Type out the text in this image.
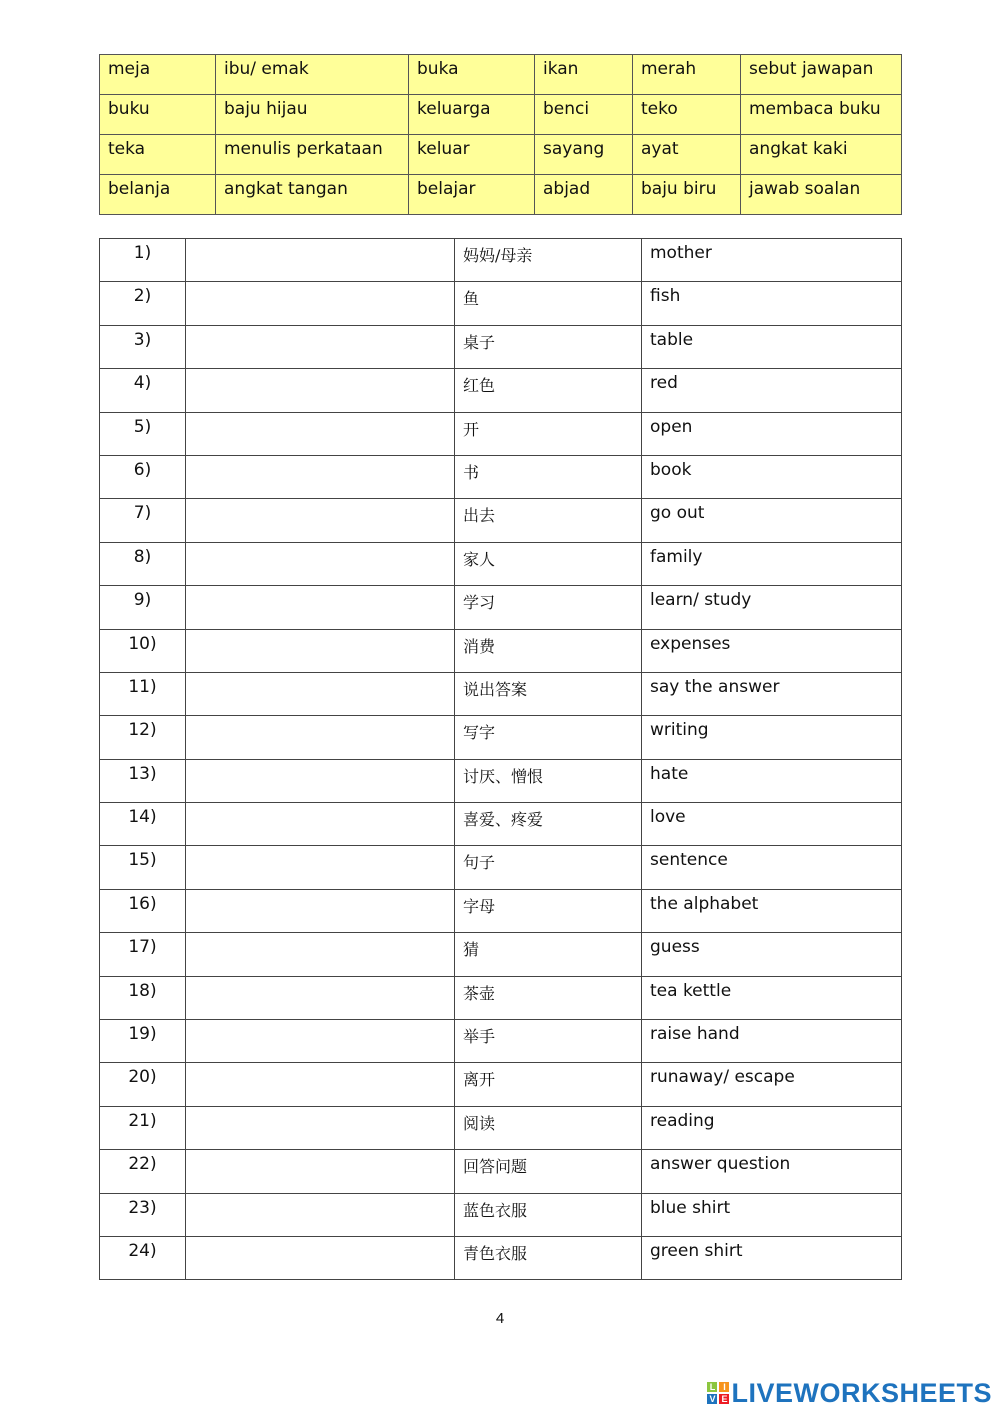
meja	ibu/ emak	buka	ikan	merah	sebut jawapan
buku	baju hijau	keluarga	benci	teko	membaca buku
teka	menulis perkataan	keluar	sayang	ayat	angkat kaki
belanja	angkat tangan	belajar	abjad	baju biru	jawab soalan
1)		妈妈/母亲	mother
2)		鱼	fish
3)		桌子	table
4)		红色	red
5)		开	open
6)		书	book
7)		出去	go out
8)		家人	family
9)		学习	learn/ study
10)		消费	expenses
11)		说出答案	say the answer
12)		写字	writing
13)		讨厌、憎恨	hate
14)		喜爱、疼爱	love
15)		句子	sentence
16)		字母	the alphabet
17)		猜	guess
18)		茶壶	tea kettle
19)		举手	raise hand
20)		离开	runaway/ escape
21)		阅读	reading
22)		回答问题	answer question
23)		蓝色衣服	blue shirt
24)		青色衣服	green shirt
4
L I
V E LIVEWORKSHEETS
